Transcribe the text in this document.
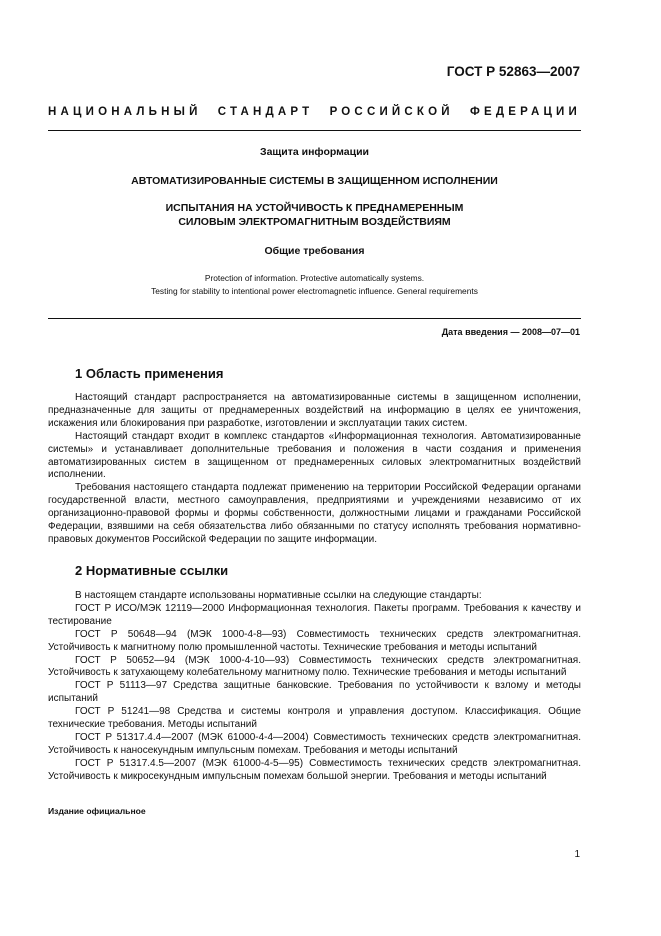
ГОСТ Р 52863—2007
НАЦИОНАЛЬНЫЙ СТАНДАРТ РОССИЙСКОЙ ФЕДЕРАЦИИ
Защита информации
АВТОМАТИЗИРОВАННЫЕ СИСТЕМЫ В ЗАЩИЩЕННОМ ИСПОЛНЕНИИ
ИСПЫТАНИЯ НА УСТОЙЧИВОСТЬ К ПРЕДНАМЕРЕННЫМ
СИЛОВЫМ ЭЛЕКТРОМАГНИТНЫМ ВОЗДЕЙСТВИЯМ
Общие требования
Protection of information. Protective automatically systems.
Testing for stability to intentional power electromagnetic influence. General requirements
Дата введения — 2008—07—01
1 Область применения

Настоящий стандарт распространяется на автоматизированные системы в защищенном исполнении, предназначенные для защиты от преднамеренных воздействий на информацию в целях ее уничтожения, искажения или блокирования при разработке, изготовлении и эксплуатации таких систем.

Настоящий стандарт входит в комплекс стандартов «Информационная технология. Автоматизированные системы» и устанавливает дополнительные требования и положения в части создания и применения автоматизированных систем в защищенном от преднамеренных силовых электромагнитных воздействий исполнении.

Требования настоящего стандарта подлежат применению на территории Российской Федерации органами государственной власти, местного самоуправления, предприятиями и учреждениями независимо от их организационно-правовой формы и формы собственности, должностными лицами и гражданами Российской Федерации, взявшими на себя обязательства либо обязанными по статусу исполнять требования нормативно-правовых документов Российской Федерации по защите информации.

2 Нормативные ссылки

В настоящем стандарте использованы нормативные ссылки на следующие стандарты:

ГОСТ Р ИСО/МЭК 12119—2000 Информационная технология. Пакеты программ. Требования к качеству и тестирование

ГОСТ Р 50648—94 (МЭК 1000-4-8—93) Совместимость технических средств электромагнитная. Устойчивость к магнитному полю промышленной частоты. Технические требования и методы испытаний

ГОСТ Р 50652—94 (МЭК 1000-4-10—93) Совместимость технических средств электромагнитная. Устойчивость к затухающему колебательному магнитному полю. Технические требования и методы испытаний

ГОСТ Р 51113—97 Средства защитные банковские. Требования по устойчивости к взлому и методы испытаний

ГОСТ Р 51241—98 Средства и системы контроля и управления доступом. Классификация. Общие технические требования. Методы испытаний

ГОСТ Р 51317.4.4—2007 (МЭК 61000-4-4—2004) Совместимость технических средств электромагнитная. Устойчивость к наносекундным импульсным помехам. Требования и методы испытаний

ГОСТ Р 51317.4.5—2007 (МЭК 61000-4-5—95) Совместимость технических средств электромагнитная. Устойчивость к микросекундным импульсным помехам большой энергии. Требования и методы испытаний

Издание официальное
1
